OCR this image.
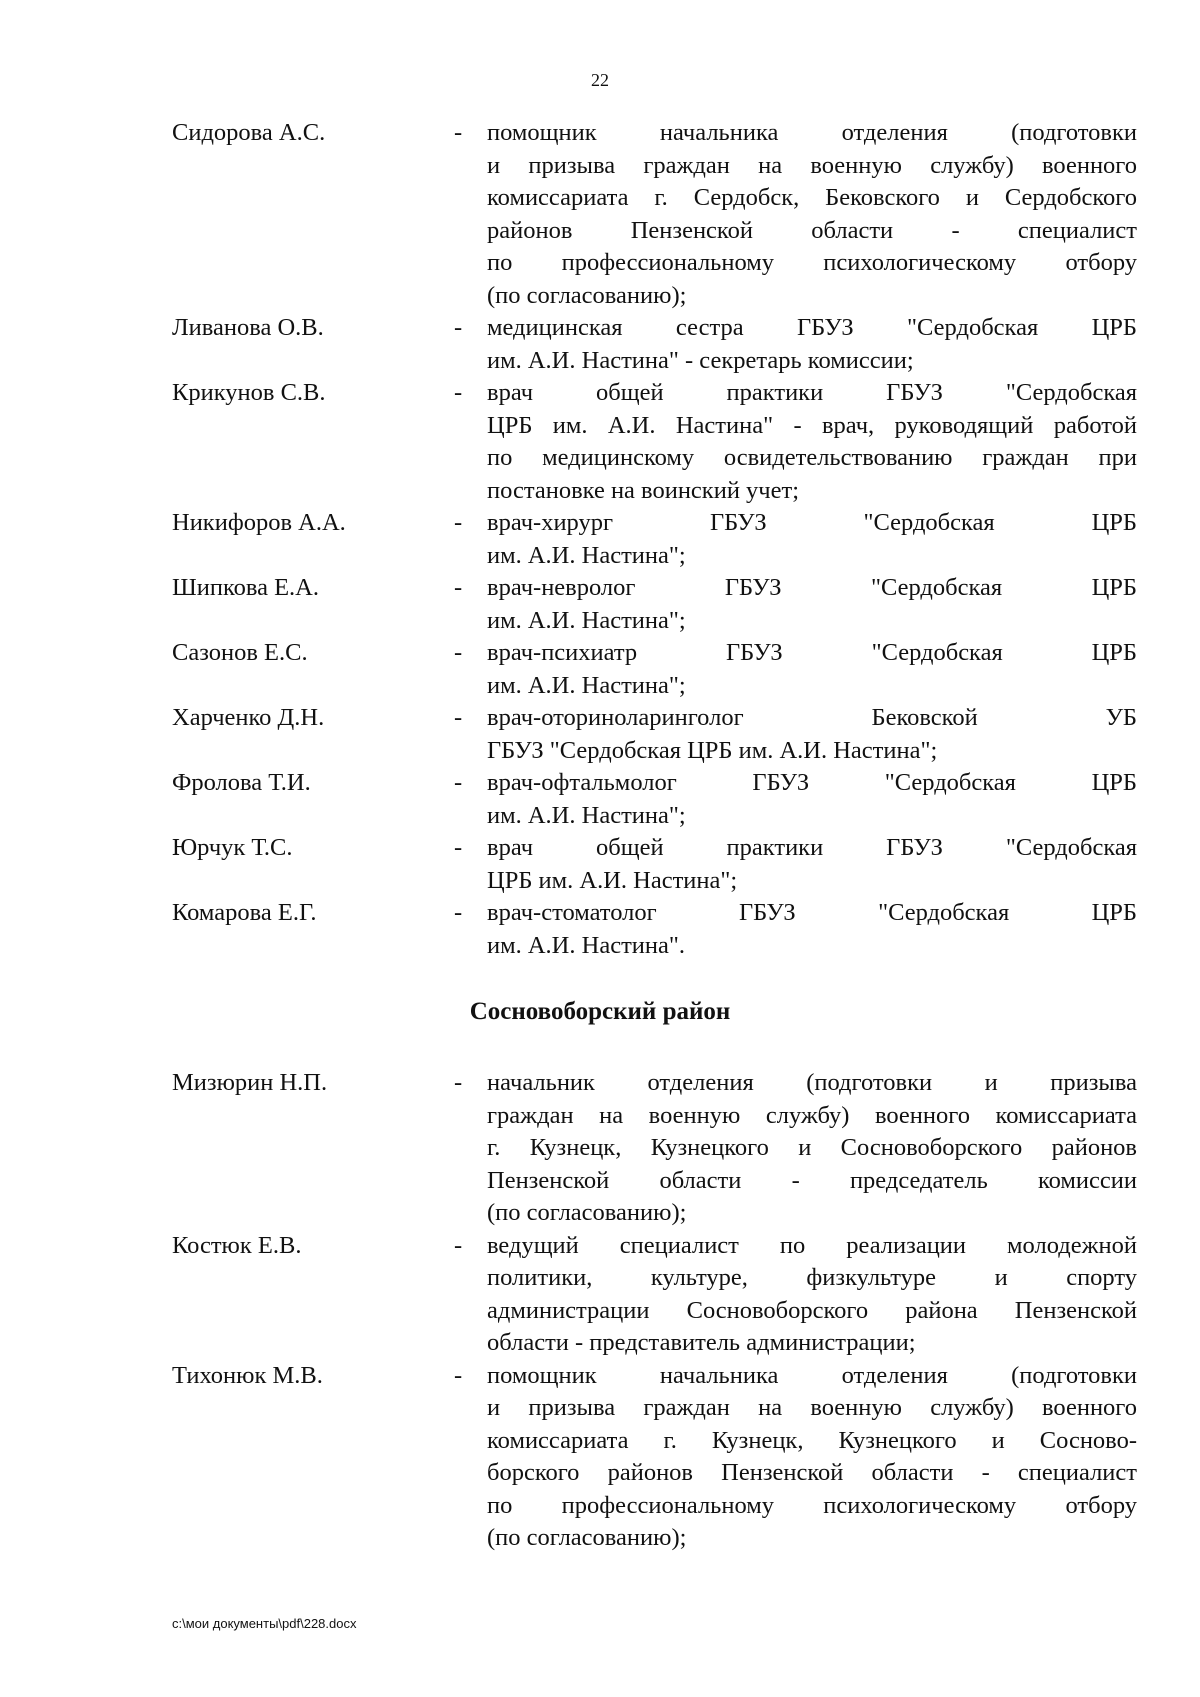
22
Сидорова А.С.	-	помощник начальника отделения (подготовки
и призыва граждан на военную службу) военного
комиссариата г. Сердобск, Бековского и Сердобского
районов Пензенской области - специалист
по профессиональному психологическому отбору
(по согласованию);
Ливанова О.В.	-	медицинская сестра ГБУЗ "Сердобская ЦРБ
им. А.И. Настина" - секретарь комиссии;
Крикунов С.В.	-	врач общей практики ГБУЗ "Сердобская
ЦРБ им. А.И. Настина" - врач, руководящий работой
по медицинскому освидетельствованию граждан при
постановке на воинский учет;
Никифоров А.А.	-	врач-хирург ГБУЗ "Сердобская ЦРБ
им. А.И. Настина";
Шипкова Е.А.	-	врач-невролог ГБУЗ "Сердобская ЦРБ
им. А.И. Настина";
Сазонов Е.С.	-	врач-психиатр ГБУЗ "Сердобская ЦРБ
им. А.И. Настина";
Харченко Д.Н.	-	врач-оториноларинголог Бековской УБ
ГБУЗ "Сердобская ЦРБ им. А.И. Настина";
Фролова Т.И.	-	врач-офтальмолог ГБУЗ "Сердобская ЦРБ
им. А.И. Настина";
Юрчук Т.С.	-	врач общей практики ГБУЗ "Сердобская
ЦРБ им. А.И. Настина";
Комарова Е.Г.	-	врач-стоматолог ГБУЗ "Сердобская ЦРБ
им. А.И. Настина".
Сосновоборский район
Мизюрин Н.П.	-	начальник отделения (подготовки и призыва
граждан на военную службу) военного комиссариата
г. Кузнецк, Кузнецкого и Сосновоборского районов
Пензенской области - председатель комиссии
(по согласованию);
Костюк Е.В.	-	ведущий специалист по реализации молодежной
политики, культуре, физкультуре и спорту
администрации Сосновоборского района Пензенской
области - представитель администрации;
Тихонюк М.В.	-	помощник начальника отделения (подготовки
и призыва граждан на военную службу) военного
комиссариата г. Кузнецк, Кузнецкого и Сосново-
борского районов Пензенской области - специалист
по профессиональному психологическому отбору
(по согласованию);
c:\мои документы\pdf\228.docx
